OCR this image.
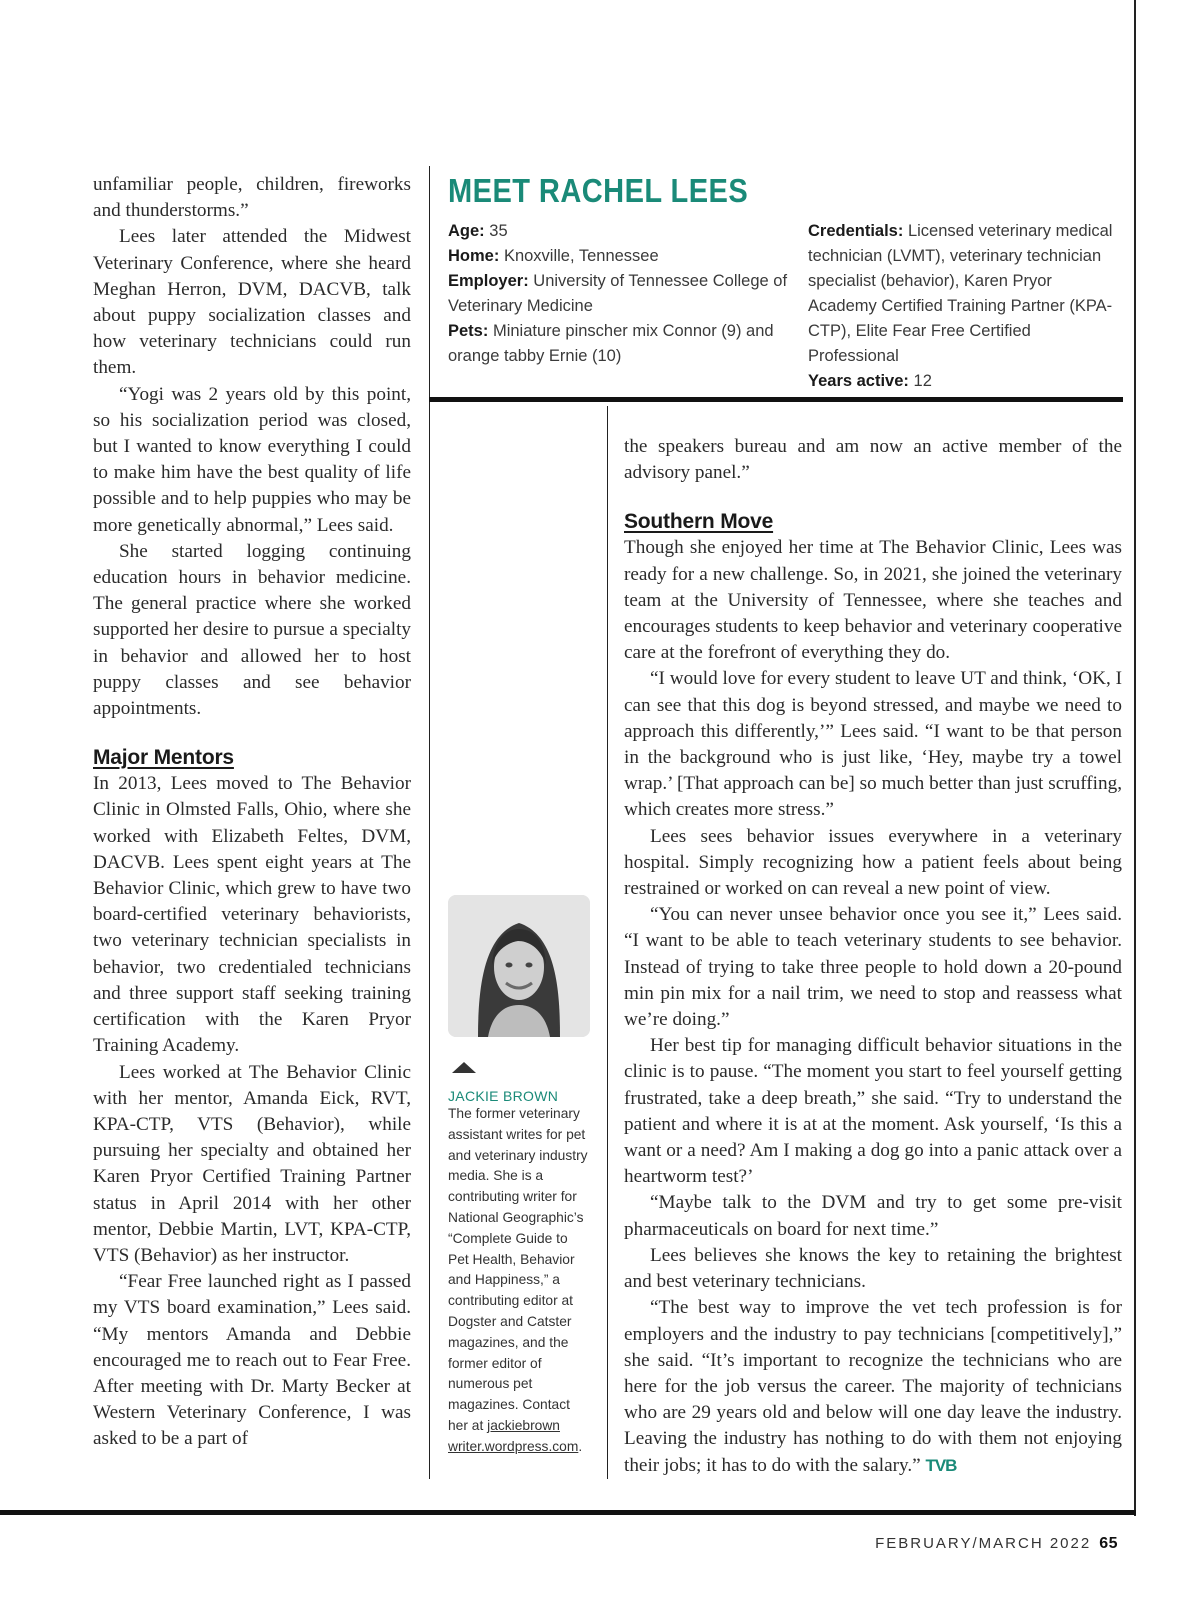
unfamiliar people, children, fireworks and thunderstorms.”

Lees later attended the Midwest Veterinary Conference, where she heard Meghan Herron, DVM, DACVB, talk about puppy socialization classes and how veterinary technicians could run them.

“Yogi was 2 years old by this point, so his socialization period was closed, but I wanted to know everything I could to make him have the best quality of life possible and to help puppies who may be more genetically abnormal,” Lees said.

She started logging continuing education hours in behavior medicine. The general practice where she worked supported her desire to pursue a specialty in behavior and allowed her to host puppy classes and see behavior appointments.

Major Mentors

In 2013, Lees moved to The Behavior Clinic in Olmsted Falls, Ohio, where she worked with Elizabeth Feltes, DVM, DACVB. Lees spent eight years at The Behavior Clinic, which grew to have two board-certified veterinary behaviorists, two veterinary technician specialists in behavior, two credentialed technicians and three support staff seeking training certification with the Karen Pryor Training Academy.

Lees worked at The Behavior Clinic with her mentor, Amanda Eick, RVT, KPA-CTP, VTS (Behavior), while pursuing her specialty and obtained her Karen Pryor Certified Training Partner status in April 2014 with her other mentor, Debbie Martin, LVT, KPA-CTP, VTS (Behavior) as her instructor.

“Fear Free launched right as I passed my VTS board examination,” Lees said. “My mentors Amanda and Debbie encouraged me to reach out to Fear Free. After meeting with Dr. Marty Becker at Western Veterinary Conference, I was asked to be a part of

MEET RACHEL LEES
Age: 35
Home: Knoxville, Tennessee
Employer: University of Tennessee College of Veterinary Medicine
Pets: Miniature pinscher mix Connor (9) and orange tabby Ernie (10)
Credentials: Licensed veterinary medical technician (LVMT), veterinary technician specialist (behavior), Karen Pryor Academy Certified Training Partner (KPA-CTP), Elite Fear Free Certified Professional
Years active: 12
JACKIE BROWN
The former veterinary assistant writes for pet and veterinary industry media. She is a contributing writer for National Geographic’s “Complete Guide to Pet Health, Behavior and Happiness,” a contributing editor at Dogster and Catster magazines, and the former editor of numerous pet magazines. Contact her at jackiebrown writer.wordpress.com.

the speakers bureau and am now an active member of the advisory panel.”

Southern Move

Though she enjoyed her time at The Behavior Clinic, Lees was ready for a new challenge. So, in 2021, she joined the veterinary team at the University of Tennessee, where she teaches and encourages students to keep behavior and veterinary cooperative care at the forefront of everything they do.

“I would love for every student to leave UT and think, ‘OK, I can see that this dog is beyond stressed, and maybe we need to approach this differently,’” Lees said. “I want to be that person in the background who is just like, ‘Hey, maybe try a towel wrap.’ [That approach can be] so much better than just scruffing, which creates more stress.”

Lees sees behavior issues everywhere in a veterinary hospital. Simply recognizing how a patient feels about being restrained or worked on can reveal a new point of view.

“You can never unsee behavior once you see it,” Lees said. “I want to be able to teach veterinary students to see behavior. Instead of trying to take three people to hold down a 20-pound min pin mix for a nail trim, we need to stop and reassess what we’re doing.”

Her best tip for managing difficult behavior situations in the clinic is to pause. “The moment you start to feel yourself getting frustrated, take a deep breath,” she said. “Try to understand the patient and where it is at at the moment. Ask yourself, ‘Is this a want or a need? Am I making a dog go into a panic attack over a heartworm test?’

“Maybe talk to the DVM and try to get some pre-visit pharmaceuticals on board for next time.”

Lees believes she knows the key to retaining the brightest and best veterinary technicians.

“The best way to improve the vet tech profession is for employers and the industry to pay technicians [competitively],” she said. “It’s important to recognize the technicians who are here for the job versus the career. The majority of technicians who are 29 years old and below will one day leave the industry. Leaving the industry has nothing to do with them not enjoying their jobs; it has to do with the salary.” TVB

FEBRUARY/MARCH 2022 65
